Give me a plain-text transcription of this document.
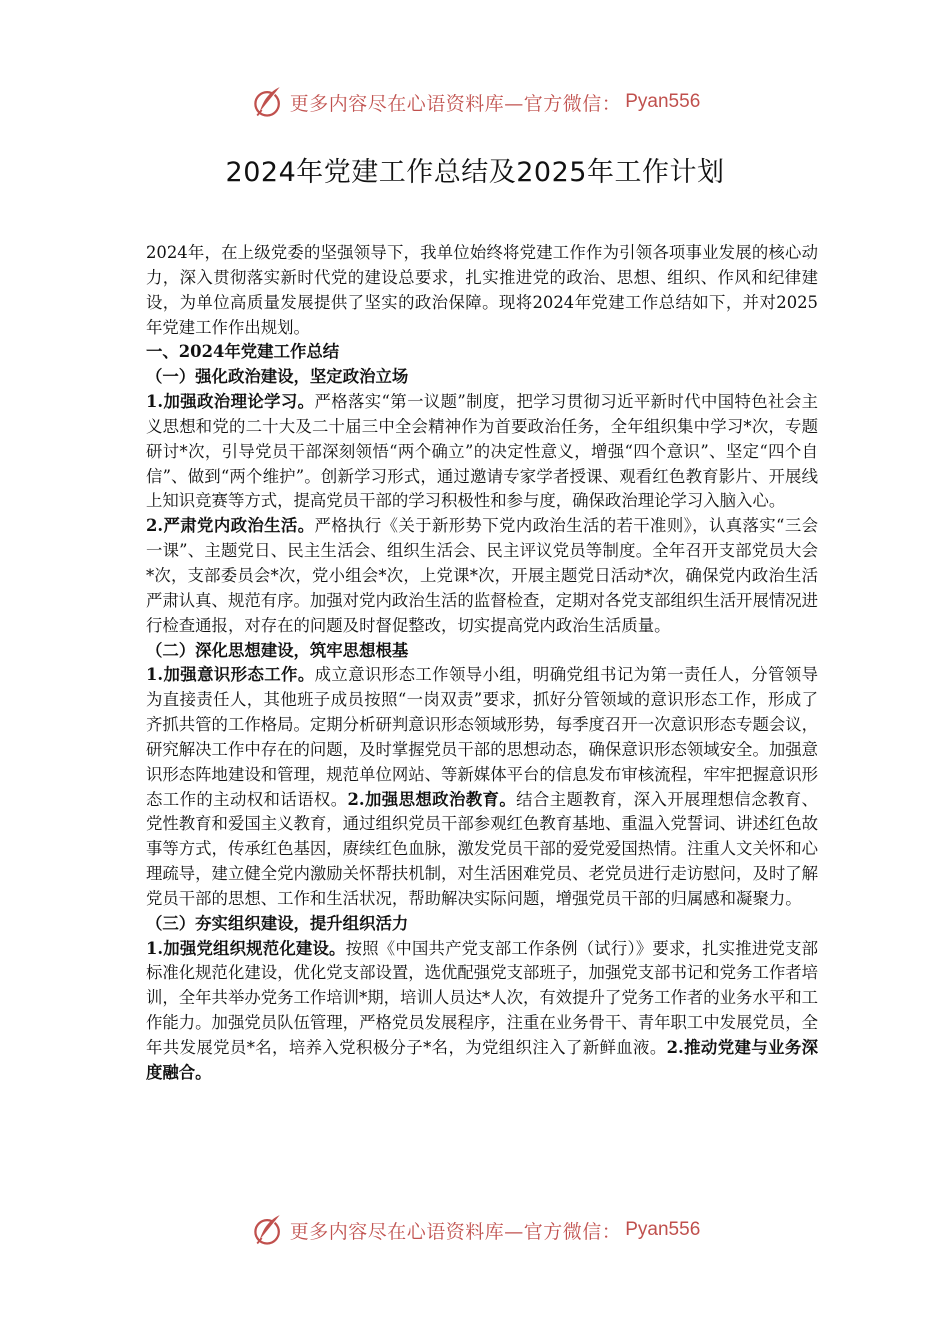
更多内容尽在心语资料库—官方微信： Pyan556
2024年党建工作总结及2025年工作计划

2024年，在上级党委的坚强领导下，我单位始终将党建工作作为引领各项事业发展的核心动力，深入贯彻落实新时代党的建设总要求，扎实推进党的政治、思想、组织、作风和纪律建设，为单位高质量发展提供了坚实的政治保障。现将2024年党建工作总结如下，并对2025年党建工作作出规划。

一、2024年党建工作总结

（一）强化政治建设，坚定政治立场

1.加强政治理论学习。严格落实“第一议题”制度，把学习贯彻习近平新时代中国特色社会主义思想和党的二十大及二十届三中全会精神作为首要政治任务，全年组织集中学习*次，专题研讨*次，引导党员干部深刻领悟“两个确立”的决定性意义，增强“四个意识”、坚定“四个自信”、做到“两个维护”。创新学习形式，通过邀请专家学者授课、观看红色教育影片、开展线上知识竞赛等方式，提高党员干部的学习积极性和参与度，确保政治理论学习入脑入心。

2.严肃党内政治生活。严格执行《关于新形势下党内政治生活的若干准则》，认真落实“三会一课”、主题党日、民主生活会、组织生活会、民主评议党员等制度。全年召开支部党员大会*次，支部委员会*次，党小组会*次，上党课*次，开展主题党日活动*次，确保党内政治生活严肃认真、规范有序。加强对党内政治生活的监督检查，定期对各党支部组织生活开展情况进行检查通报，对存在的问题及时督促整改，切实提高党内政治生活质量。

（二）深化思想建设，筑牢思想根基

1.加强意识形态工作。成立意识形态工作领导小组，明确党组书记为第一责任人，分管领导为直接责任人，其他班子成员按照“一岗双责”要求，抓好分管领域的意识形态工作，形成了齐抓共管的工作格局。定期分析研判意识形态领域形势，每季度召开一次意识形态专题会议，研究解决工作中存在的问题，及时掌握党员干部的思想动态，确保意识形态领域安全。加强意识形态阵地建设和管理，规范单位网站、等新媒体平台的信息发布审核流程，牢牢把握意识形态工作的主动权和话语权。2.加强思想政治教育。结合主题教育，深入开展理想信念教育、党性教育和爱国主义教育，通过组织党员干部参观红色教育基地、重温入党誓词、讲述红色故事等方式，传承红色基因，赓续红色血脉，激发党员干部的爱党爱国热情。注重人文关怀和心理疏导，建立健全党内激励关怀帮扶机制，对生活困难党员、老党员进行走访慰问，及时了解党员干部的思想、工作和生活状况，帮助解决实际问题，增强党员干部的归属感和凝聚力。

（三）夯实组织建设，提升组织活力

1.加强党组织规范化建设。按照《中国共产党支部工作条例（试行）》要求，扎实推进党支部标准化规范化建设，优化党支部设置，选优配强党支部班子，加强党支部书记和党务工作者培训，全年共举办党务工作培训*期，培训人员达*人次，有效提升了党务工作者的业务水平和工作能力。加强党员队伍管理，严格党员发展程序，注重在业务骨干、青年职工中发展党员，全年共发展党员*名，培养入党积极分子*名，为党组织注入了新鲜血液。2.推动党建与业务深度融合。

更多内容尽在心语资料库—官方微信： Pyan556
